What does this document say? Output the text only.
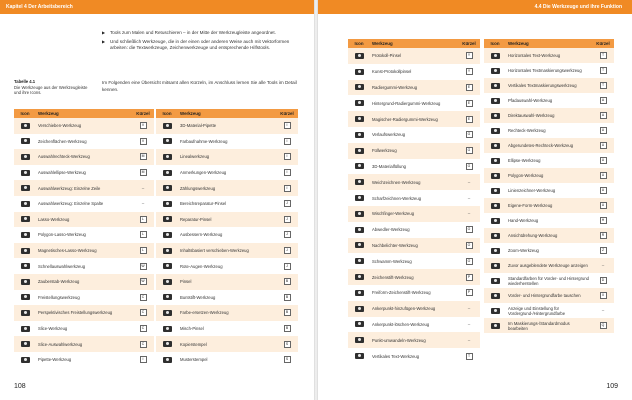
Kapitel 4 Der Arbeitsbereich
▶ Tools zum Malen und Retuschieren – in der Mitte der Werkzeugleiste angeordnet.
▶ Und schließlich Werkzeuge, die in der einen oder anderen Weise auch mit Vektorformen arbeiten: die Textwerkzeuge, Zeichenwerkzeuge und entsprechende Hilfstools.
Im Folgenden eine Übersicht mitsamt allen Kürzeln, im Anschluss lernen Sie alle Tools im Detail kennen.
Tabelle 4.1
Die Werkzeuge aus der Werkzeugleiste und ihre Icons.
Icon	Werkzeug	Kürzel
	Verschieben-Werkzeug	V
	Zeichenflächen-Werkzeug	V
	Auswahlrechteck-Werkzeug	M
	Auswahlellipse-Werkzeug	M
	Auswahlwerkzeug: Einzelne Zeile	–
	Auswahlwerkzeug: Einzelne Spalte	–
	Lasso-Werkzeug	L
	Polygon-Lasso-Werkzeug	L
	Magnetisches-Lasso-Werkzeug	L
	Schnellauswahlwerkzeug	W
	Zauberstab-Werkzeug	W
	Freistellungswerkzeug	C
	Perspektivisches Freistellungswerkzeug	C
	Slice-Werkzeug	C
	Slice-Auswahlwerkzeug	C
	Pipette-Werkzeug	I
Icon	Werkzeug	Kürzel
	3D-Material-Pipette	I
	Farbaufnahme-Werkzeug	I
	Linealwerkzeug	I
	Anmerkungen-Werkzeug	I
	Zählungswerkzeug	I
	Bereichsreparatur-Pinsel	J
	Reparatur-Pinsel	J
	Ausbessern-Werkzeug	J
	Inhaltsbasiert verschieben-Werkzeug	J
	Rote-Augen-Werkzeug	J
	Pinsel	B
	Buntstift-Werkzeug	B
	Farbe-ersetzen-Werkzeug	B
	Misch-Pinsel	B
	Kopierstempel	S
	Musterstempel	S
108
4.4 Die Werkzeuge und ihre Funktion
Icon	Werkzeug	Kürzel
	Protokoll-Pinsel	Y
	Kunst-Protokollpinsel	Y
	Radiergummi-Werkzeug	E
	Hintergrund-Radiergummi-Werkzeug	E
	Magischer-Radiergummi-Werkzeug	E
	Verlaufswerkzeug	G
	Füllwerkzeug	G
	3D-Materialfüllung	G
	Weichzeichnen-Werkzeug	–
	Scharfzeichnen-Werkzeug	–
	Wischfinger-Werkzeug	–
	Abwedler-Werkzeug	O
	Nachbelichter-Werkzeug	O
	Schwamm-Werkzeug	O
	Zeichenstift-Werkzeug	P
	Freiform-Zeichenstift-Werkzeug	P
	Ankerpunkt-hinzufügen-Werkzeug	–
	Ankerpunkt-löschen-Werkzeug	–
	Punkt-umwandeln-Werkzeug	–
	Vertikales Text-Werkzeug	T
Icon	Werkzeug	Kürzel
	Horizontales Text-Werkzeug	T
	Horizontales Textmaskierungswerkzeug	T
	Vertikales Textmaskierungswerkzeug	T
	Pfadauswahl-Werkzeug	A
	Direktauswahl-Werkzeug	A
	Rechteck-Werkzeug	U
	Abgerundetes-Rechteck-Werkzeug	U
	Ellipse-Werkzeug	U
	Polygon-Werkzeug	U
	Linienzeichner-Werkzeug	U
	Eigene-Form-Werkzeug	U
	Hand-Werkzeug	H
	Ansichtdrehung-Werkzeug	R
	Zoom-Werkzeug	Z
	Zuvor ausgeblendete Werkzeuge anzeigen	–
	Standardfarben für Vorder- und Hintergrund wiederherstellen	D
	Vorder- und Hintergrundfarbe tauschen	X
	Anzeige und Einstellung für Vordergrund-/Hintergrundfarbe	–
	Im Maskierungs-/Standardmodus bearbeiten	Q
109
